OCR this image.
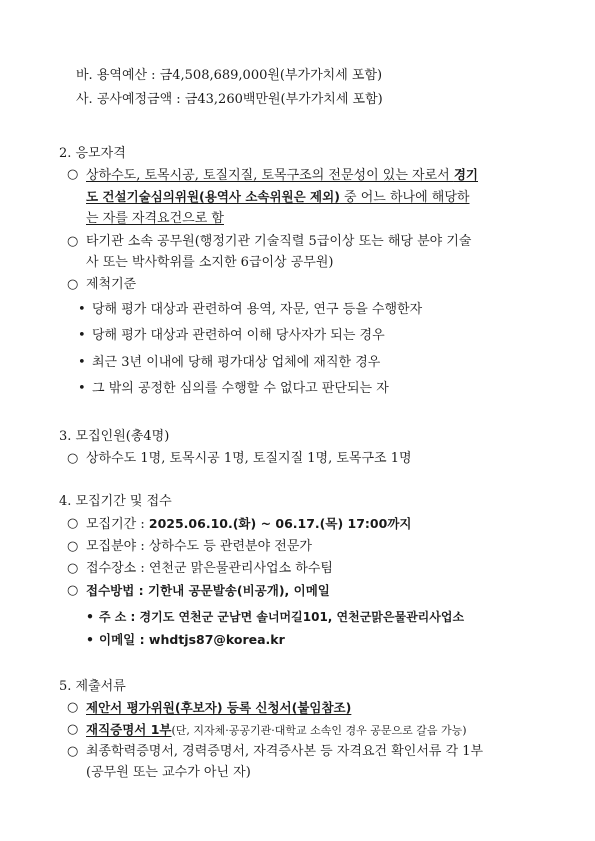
바. 용역예산 : 금4,508,689,000원(부가가치세 포함)
사. 공사예정금액 : 금43,260백만원(부가가치세 포함)
2. 응모자격
○ 상하수도, 토목시공, 토질지질, 토목구조의 전문성이 있는 자로서 경기
도 건설기술심의위원(용역사 소속위원은 제외) 중 어느 하나에 해당하
는 자를 자격요건으로 함
○ 타기관 소속 공무원(행정기관 기술직렬 5급이상 또는 해당 분야 기술
사 또는 박사학위를 소지한 6급이상 공무원)
○ 제척기준
• 당해 평가 대상과 관련하여 용역, 자문, 연구 등을 수행한자
• 당해 평가 대상과 관련하여 이해 당사자가 되는 경우
• 최근 3년 이내에 당해 평가대상 업체에 재직한 경우
• 그 밖의 공정한 심의를 수행할 수 없다고 판단되는 자
3. 모집인원(총4명)
○ 상하수도 1명, 토목시공 1명, 토질지질 1명, 토목구조 1명
4. 모집기간 및 접수
○ 모집기간 : 2025.06.10.(화) ~ 06.17.(목) 17:00까지
○ 모집분야 : 상하수도 등 관련분야 전문가
○ 접수장소 : 연천군 맑은물관리사업소 하수팀
○ 접수방법 : 기한내 공문발송(비공개), 이메일
• 주 소 : 경기도 연천군 군남면 솔너머길101, 연천군맑은물관리사업소
• 이메일 : whdtjs87@korea.kr
5. 제출서류
○ 제안서 평가위원(후보자) 등록 신청서(붙임참조)
○ 재직증명서 1부(단, 지자체·공공기관·대학교 소속인 경우 공문으로 갈음 가능)
○ 최종학력증명서, 경력증명서, 자격증사본 등 자격요건 확인서류 각 1부
(공무원 또는 교수가 아닌 자)
